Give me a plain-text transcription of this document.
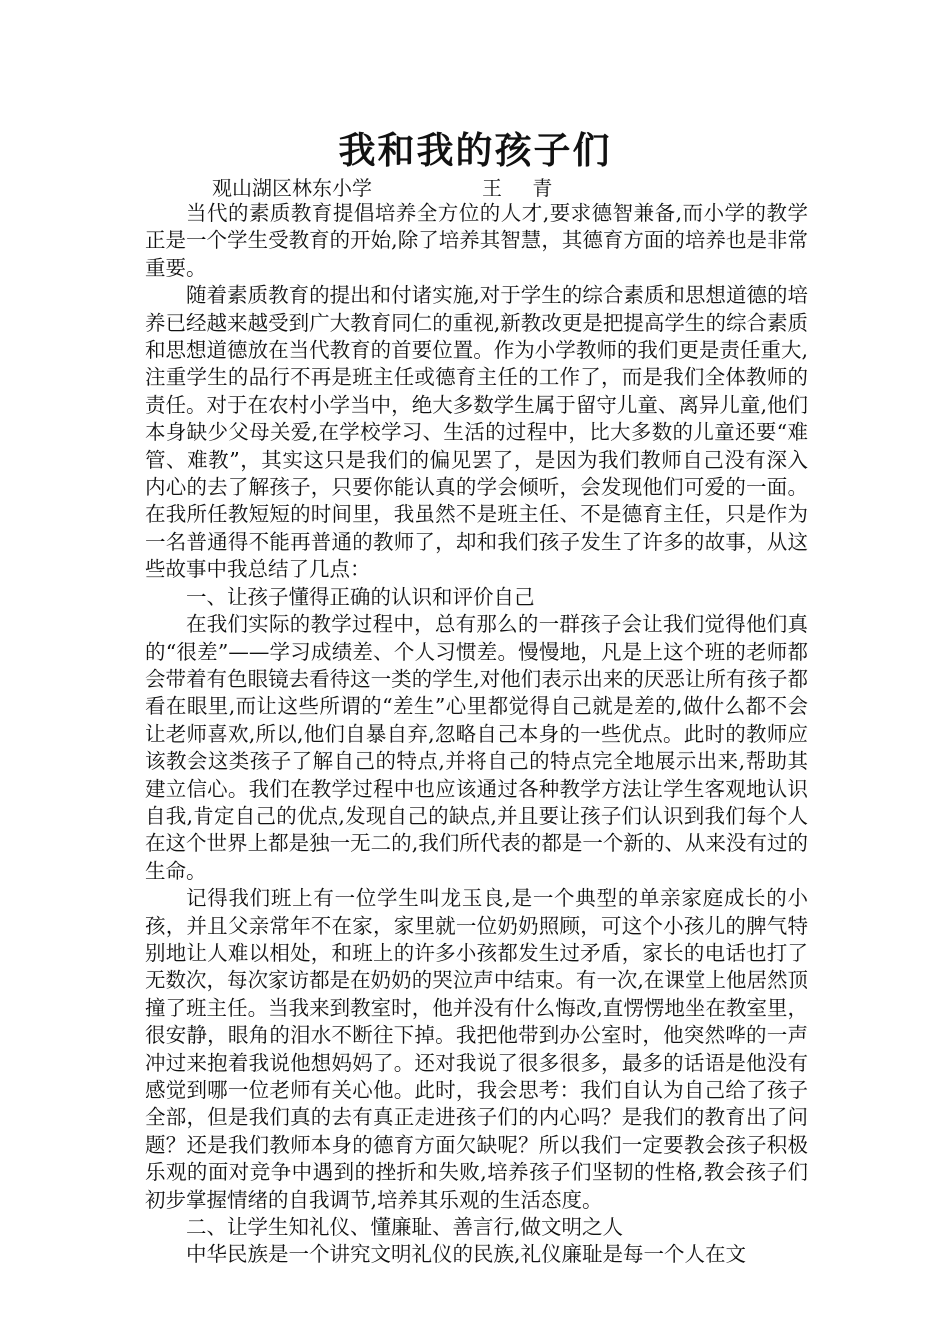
我和我的孩子们
观山湖区林东小学	王 青

当代的素质教育提倡培养全方位的人才,要求德智兼备,而小学的教学正是一个学生受教育的开始,除了培养其智慧，其德育方面的培养也是非常重要。

随着素质教育的提出和付诸实施,对于学生的综合素质和思想道德的培养已经越来越受到广大教育同仁的重视,新教改更是把提高学生的综合素质和思想道德放在当代教育的首要位置。作为小学教师的我们更是责任重大,注重学生的品行不再是班主任或德育主任的工作了，而是我们全体教师的责任。对于在农村小学当中，绝大多数学生属于留守儿童、离异儿童,他们本身缺少父母关爱,在学校学习、生活的过程中，比大多数的儿童还要“难管、难教”，其实这只是我们的偏见罢了，是因为我们教师自己没有深入内心的去了解孩子，只要你能认真的学会倾听，会发现他们可爱的一面。在我所任教短短的时间里，我虽然不是班主任、不是德育主任，只是作为一名普通得不能再普通的教师了，却和我们孩子发生了许多的故事，从这些故事中我总结了几点：

一、让孩子懂得正确的认识和评价自己

在我们实际的教学过程中，总有那么的一群孩子会让我们觉得他们真的“很差”——学习成绩差、个人习惯差。慢慢地，凡是上这个班的老师都会带着有色眼镜去看待这一类的学生,对他们表示出来的厌恶让所有孩子都看在眼里,而让这些所谓的“差生”心里都觉得自己就是差的,做什么都不会让老师喜欢,所以,他们自暴自弃,忽略自己本身的一些优点。此时的教师应该教会这类孩子了解自己的特点,并将自己的特点完全地展示出来,帮助其建立信心。我们在教学过程中也应该通过各种教学方法让学生客观地认识自我,肯定自己的优点,发现自己的缺点,并且要让孩子们认识到我们每个人在这个世界上都是独一无二的,我们所代表的都是一个新的、从来没有过的生命。

记得我们班上有一位学生叫龙玉良,是一个典型的单亲家庭成长的小孩，并且父亲常年不在家，家里就一位奶奶照顾，可这个小孩儿的脾气特别地让人难以相处，和班上的许多小孩都发生过矛盾，家长的电话也打了无数次，每次家访都是在奶奶的哭泣声中结束。有一次,在课堂上他居然顶撞了班主任。当我来到教室时，他并没有什么悔改,直愣愣地坐在教室里，很安静，眼角的泪水不断往下掉。我把他带到办公室时，他突然哗的一声冲过来抱着我说他想妈妈了。还对我说了很多很多，最多的话语是他没有感觉到哪一位老师有关心他。此时，我会思考：我们自认为自己给了孩子全部，但是我们真的去有真正走进孩子们的内心吗？是我们的教育出了问题？还是我们教师本身的德育方面欠缺呢？所以我们一定要教会孩子积极乐观的面对竞争中遇到的挫折和失败,培养孩子们坚韧的性格,教会孩子们初步掌握情绪的自我调节,培养其乐观的生活态度。

二、让学生知礼仪、懂廉耻、善言行,做文明之人

中华民族是一个讲究文明礼仪的民族,礼仪廉耻是每一个人在文
